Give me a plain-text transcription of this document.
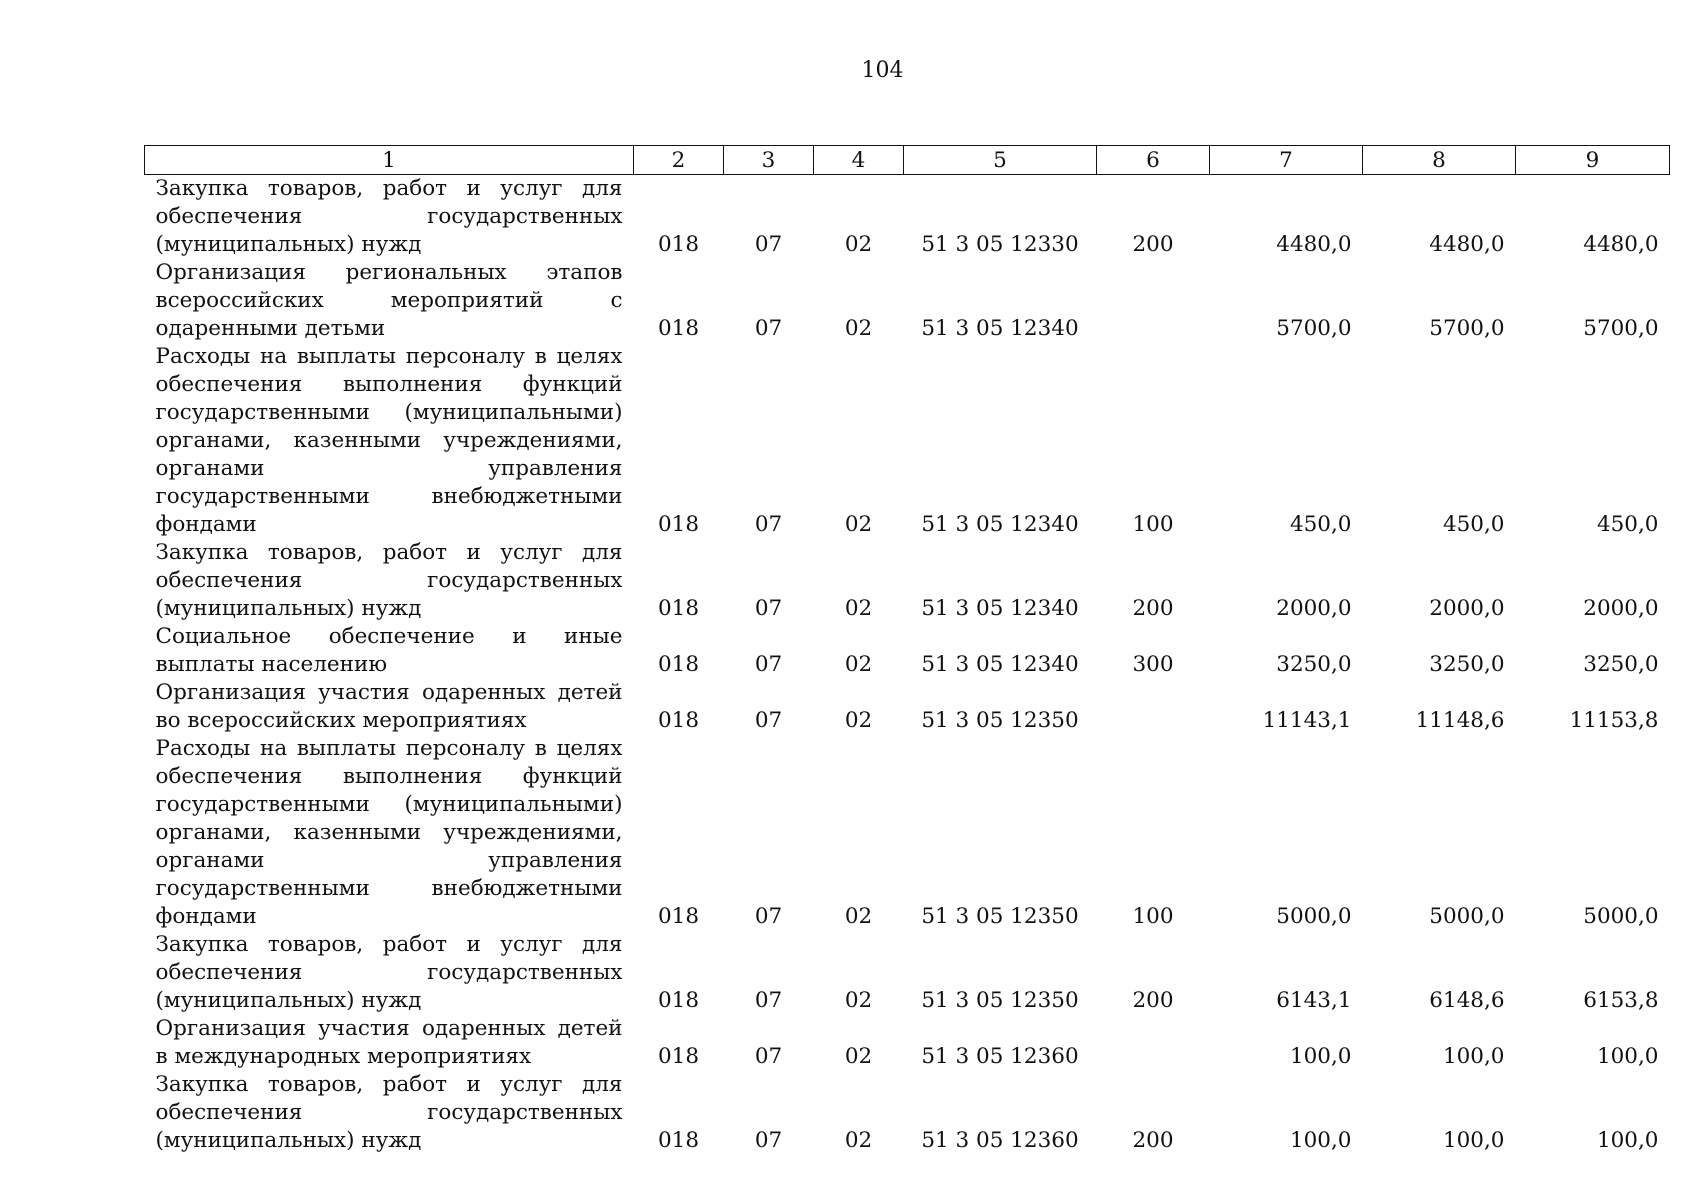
104
1	2	3	4	5	6	7	8	9
Закупка товаров, работ и услуг для обеспечения государственных (муниципальных) нужд	018	07	02	51 3 05 12330	200	4480,0	4480,0	4480,0
Организация региональных этапов всероссийских мероприятий с одаренными детьми	018	07	02	51 3 05 12340		5700,0	5700,0	5700,0
Расходы на выплаты персоналу в целях обеспечения выполнения функций государственными (муниципальными) органами, казенными учреждениями, органами управления государственными внебюджетными фондами	018	07	02	51 3 05 12340	100	450,0	450,0	450,0
Закупка товаров, работ и услуг для обеспечения государственных (муниципальных) нужд	018	07	02	51 3 05 12340	200	2000,0	2000,0	2000,0
Социальное обеспечение и иные выплаты населению	018	07	02	51 3 05 12340	300	3250,0	3250,0	3250,0
Организация участия одаренных детей во всероссийских мероприятиях	018	07	02	51 3 05 12350		11143,1	11148,6	11153,8
Расходы на выплаты персоналу в целях обеспечения выполнения функций государственными (муниципальными) органами, казенными учреждениями, органами управления государственными внебюджетными фондами	018	07	02	51 3 05 12350	100	5000,0	5000,0	5000,0
Закупка товаров, работ и услуг для обеспечения государственных (муниципальных) нужд	018	07	02	51 3 05 12350	200	6143,1	6148,6	6153,8
Организация участия одаренных детей в международных мероприятиях	018	07	02	51 3 05 12360		100,0	100,0	100,0
Закупка товаров, работ и услуг для обеспечения государственных (муниципальных) нужд	018	07	02	51 3 05 12360	200	100,0	100,0	100,0
